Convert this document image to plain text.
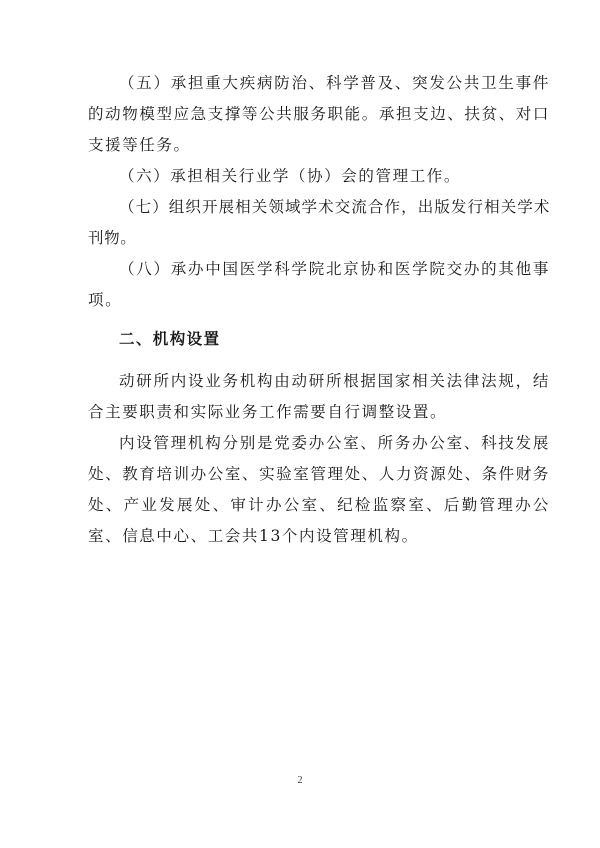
（五）承担重大疾病防治、科学普及、突发公共卫生事件的动物模型应急支撑等公共服务职能。承担支边、扶贫、对口支援等任务。

（六）承担相关行业学（协）会的管理工作。

（七）组织开展相关领域学术交流合作，出版发行相关学术刊物。

（八）承办中国医学科学院北京协和医学院交办的其他事项。

二、机构设置

动研所内设业务机构由动研所根据国家相关法律法规，结合主要职责和实际业务工作需要自行调整设置。

内设管理机构分别是党委办公室、所务办公室、科技发展处、教育培训办公室、实验室管理处、人力资源处、条件财务处、产业发展处、审计办公室、纪检监察室、后勤管理办公室、信息中心、工会共13个内设管理机构。

2
